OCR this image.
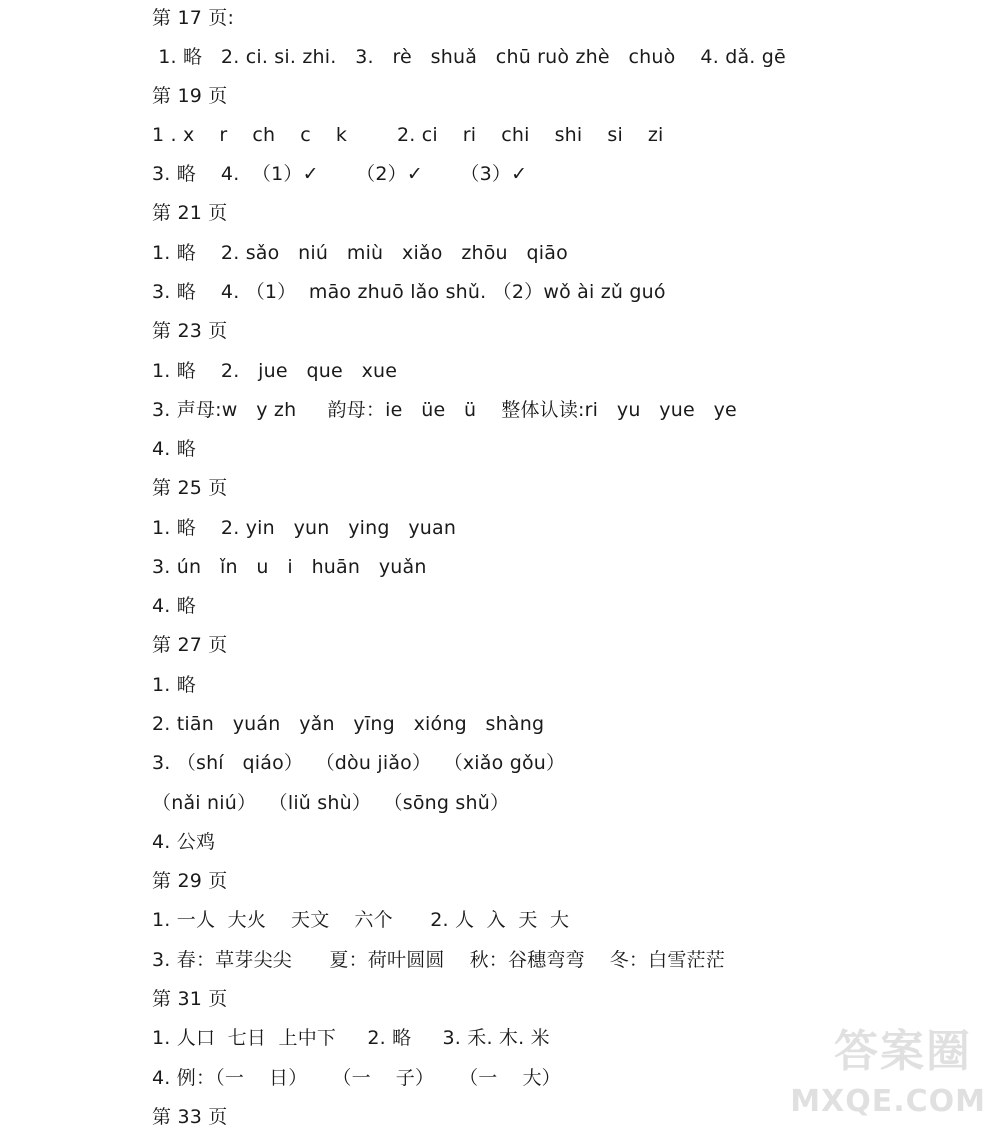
第 17 页:
1. 略   2. ci. si. zhi.   3.   rè   shuǎ   chū ruò zhè   chuò    4. dǎ. gē
第 19 页
1 . x    r    ch    c    k        2. ci    ri    chi    shi    si    zi
3. 略    4.  （1）✓      （2）✓      （3）✓
第 21 页
1. 略    2. sǎo   niú   miù   xiǎo   zhōu   qiāo
3. 略    4. （1）  māo zhuō lǎo shǔ. （2）wǒ ài zǔ guó
第 23 页
1. 略    2.   jue   que   xue
3. 声母:w   y zh     韵母：ie   üe   ü    整体认读:ri   yu   yue   ye
4. 略
第 25 页
1. 略    2. yin   yun   ying   yuan
3. ún   ǐn   u   i   huān   yuǎn
4. 略
第 27 页
1. 略
2. tiān   yuán   yǎn   yīng   xióng   shàng
3. （shí   qiáo）  （dòu jiǎo）  （xiǎo gǒu）
（nǎi niú）  （liǔ shù）  （sōng shǔ）
4. 公鸡
第 29 页
1. 一人  大火    天文    六个      2. 人  入  天  大
3. 春：草芽尖尖      夏：荷叶圆圆    秋：谷穗弯弯    冬：白雪茫茫
第 31 页
1. 人口  七日  上中下     2. 略     3. 禾. 木. 米
4. 例：（一    日）    （一    子）    （一    大）
第 33 页
答案圈
MXQE.COM
